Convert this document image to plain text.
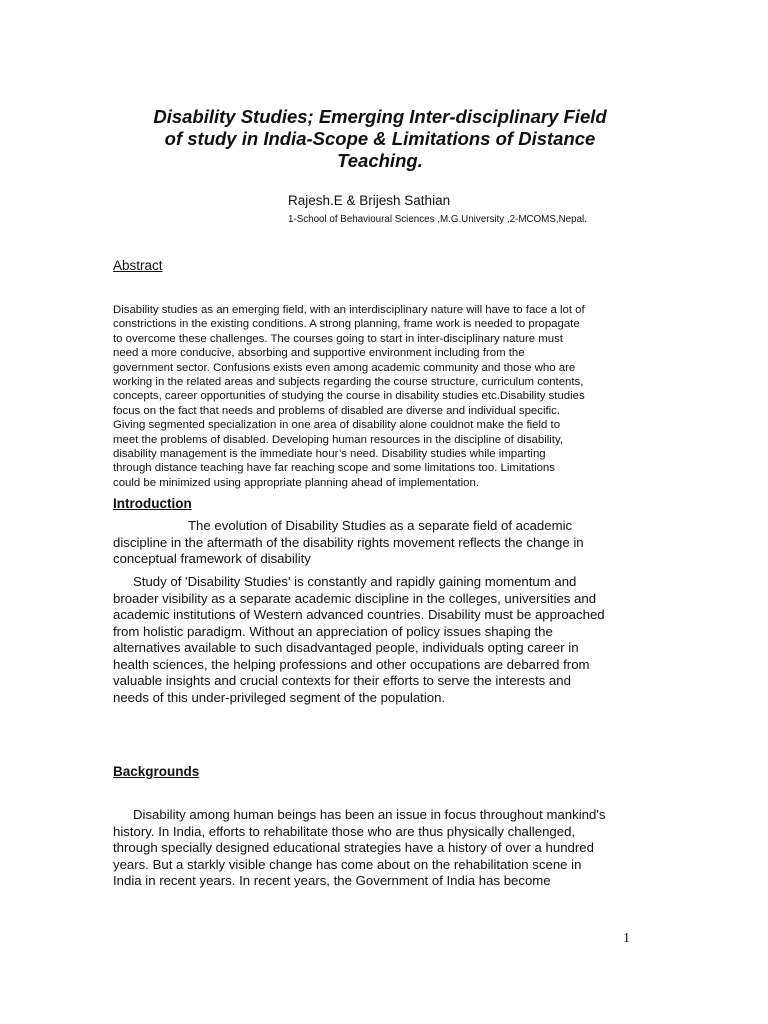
Disability Studies; Emerging Inter-disciplinary Field
of study in India-Scope & Limitations of Distance
Teaching.

Rajesh.E & Brijesh Sathian

1-School of Behavioural Sciences ,M.G.University ,2-MCOMS,Nepal.

Abstract

Disability studies as an emerging field, with an interdisciplinary nature will have to face a lot of
constrictions in the existing conditions. A strong planning, frame work is needed to propagate
to overcome these challenges. The courses going to start in inter-disciplinary nature must
need a more conducive, absorbing and supportive environment including from the
government sector. Confusions exists even among academic community and those who are
working in the related areas and subjects regarding the course structure, curriculum contents,
concepts, career opportunities of studying the course in disability studies etc.Disability studies
focus on the fact that needs and problems of disabled are diverse and individual specific.
Giving segmented specialization in one area of disability alone couldnot make the field to
meet the problems of disabled. Developing human resources in the discipline of disability,
disability management is the immediate hour’s need. Disability studies while imparting
through distance teaching have far reaching scope and some limitations too. Limitations
could be minimized using appropriate planning ahead of implementation.

Introduction

The evolution of Disability Studies as a separate field of academic
discipline in the aftermath of the disability rights movement reflects the change in
conceptual framework of disability

Study of 'Disability Studies' is constantly and rapidly gaining momentum and
broader visibility as a separate academic discipline in the colleges, universities and
academic institutions of Western advanced countries. Disability must be approached
from holistic paradigm. Without an appreciation of policy issues shaping the
alternatives available to such disadvantaged people, individuals opting career in
health sciences, the helping professions and other occupations are debarred from
valuable insights and crucial contexts for their efforts to serve the interests and
needs of this under-privileged segment of the population.

Backgrounds

Disability among human beings has been an issue in focus throughout mankind's
history. In India, efforts to rehabilitate those who are thus physically challenged,
through specially designed educational strategies have a history of over a hundred
years. But a starkly visible change has come about on the rehabilitation scene in
India in recent years. In recent years, the Government of India has become

1
